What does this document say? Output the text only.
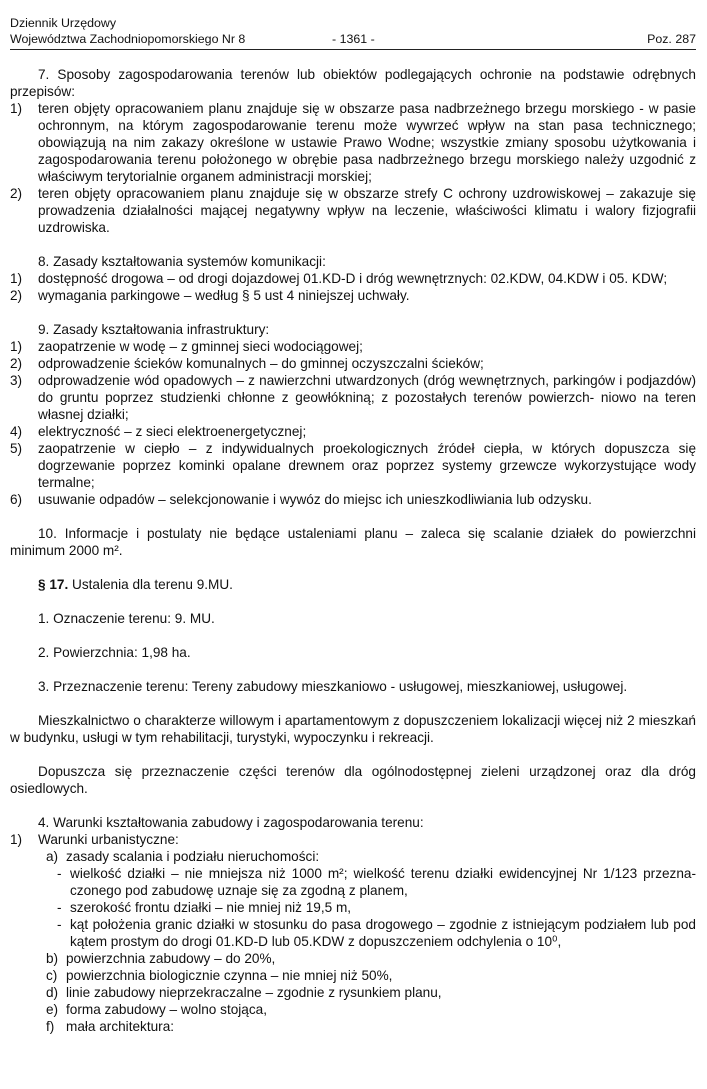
Dziennik Urzędowy
Województwa Zachodniopomorskiego Nr 8	- 1361 -	Poz. 287

7. Sposoby zagospodarowania terenów lub obiektów podlegających ochronie na podstawie odrębnych przepisów:

1) teren objęty opracowaniem planu znajduje się w obszarze pasa nadbrzeżnego brzegu morskiego - w pasie ochronnym, na którym zagospodarowanie terenu może wywrzeć wpływ na stan pasa technicznego; obowiązują na nim zakazy określone w ustawie Prawo Wodne; wszystkie zmiany sposobu użytkowania i zagospodarowania terenu położonego w obrębie pasa nadbrzeżnego brzegu morskiego należy uzgodnić z właściwym terytorialnie organem administracji morskiej;
2) teren objęty opracowaniem planu znajduje się w obszarze strefy C ochrony uzdrowiskowej – zakazuje się prowadzenia działalności mającej negatywny wpływ na leczenie, właściwości klimatu i walory fizjografii uzdrowiska.

8. Zasady kształtowania systemów komunikacji:

1) dostępność drogowa – od drogi dojazdowej 01.KD-D i dróg wewnętrznych: 02.KDW, 04.KDW i 05. KDW;
2) wymagania parkingowe – według § 5 ust 4 niniejszej uchwały.

9. Zasady kształtowania infrastruktury:

1) zaopatrzenie w wodę – z gminnej sieci wodociągowej;
2) odprowadzenie ścieków komunalnych – do gminnej oczyszczalni ścieków;
3) odprowadzenie wód opadowych – z nawierzchni utwardzonych (dróg wewnętrznych, parkingów i podjazdów) do gruntu poprzez studzienki chłonne z geowłókniną; z pozostałych terenów powierzch- niowo na teren własnej działki;
4) elektryczność – z sieci elektroenergetycznej;
5) zaopatrzenie w ciepło – z indywidualnych proekologicznych źródeł ciepła, w których dopuszcza się dogrzewanie poprzez kominki opalane drewnem oraz poprzez systemy grzewcze wykorzystujące wody termalne;
6) usuwanie odpadów – selekcjonowanie i wywóz do miejsc ich unieszkodliwiania lub odzysku.

10. Informacje i postulaty nie będące ustaleniami planu – zaleca się scalanie działek do powierzchni minimum 2000 m².

§ 17. Ustalenia dla terenu 9.MU.

1. Oznaczenie terenu: 9. MU.

2. Powierzchnia: 1,98 ha.

3. Przeznaczenie terenu: Tereny zabudowy mieszkaniowo - usługowej, mieszkaniowej, usługowej.

Mieszkalnictwo o charakterze willowym i apartamentowym z dopuszczeniem lokalizacji więcej niż 2 mieszkań w budynku, usługi w tym rehabilitacji, turystyki, wypoczynku i rekreacji.

Dopuszcza się przeznaczenie części terenów dla ogólnodostępnej zieleni urządzonej oraz dla dróg osiedlowych.

4. Warunki kształtowania zabudowy i zagospodarowania terenu:

1) Warunki urbanistyczne:
a) zasady scalania i podziału nieruchomości:
- wielkość działki – nie mniejsza niż 1000 m²; wielkość terenu działki ewidencyjnej Nr 1/123 przezna- czonego pod zabudowę uznaje się za zgodną z planem,
- szerokość frontu działki – nie mniej niż 19,5 m,
- kąt położenia granic działki w stosunku do pasa drogowego – zgodnie z istniejącym podziałem lub pod kątem prostym do drogi 01.KD-D lub 05.KDW z dopuszczeniem odchylenia o 10⁰,
b) powierzchnia zabudowy – do 20%,
c) powierzchnia biologicznie czynna – nie mniej niż 50%,
d) linie zabudowy nieprzekraczalne – zgodnie z rysunkiem planu,
e) forma zabudowy – wolno stojąca,
f) mała architektura:
